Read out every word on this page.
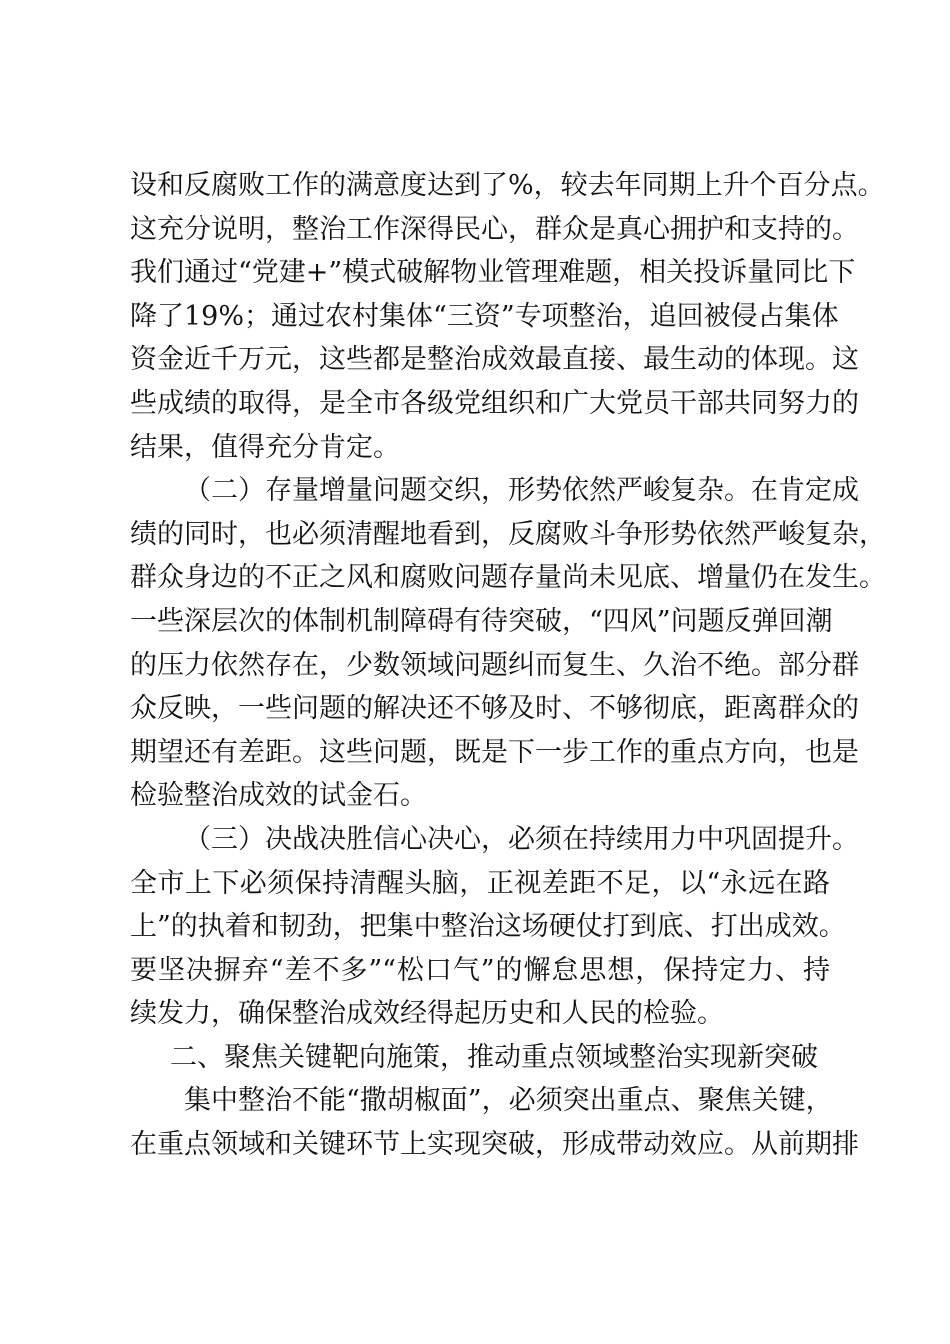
设和反腐败工作的满意度达到了%，较去年同期上升个百分点。
这充分说明，整治工作深得民心，群众是真心拥护和支持的。
我们通过“党建+”模式破解物业管理难题，相关投诉量同比下
降了19%；通过农村集体“三资”专项整治，追回被侵占集体
资金近千万元，这些都是整治成效最直接、最生动的体现。这
些成绩的取得，是全市各级党组织和广大党员干部共同努力的
结果，值得充分肯定。
（二）存量增量问题交织，形势依然严峻复杂。在肯定成
绩的同时，也必须清醒地看到，反腐败斗争形势依然严峻复杂，
群众身边的不正之风和腐败问题存量尚未见底、增量仍在发生。
一些深层次的体制机制障碍有待突破，“四风”问题反弹回潮
的压力依然存在，少数领域问题纠而复生、久治不绝。部分群
众反映，一些问题的解决还不够及时、不够彻底，距离群众的
期望还有差距。这些问题，既是下一步工作的重点方向，也是
检验整治成效的试金石。
（三）决战决胜信心决心，必须在持续用力中巩固提升。
全市上下必须保持清醒头脑，正视差距不足，以“永远在路
上”的执着和韧劲，把集中整治这场硬仗打到底、打出成效。
要坚决摒弃“差不多”“松口气”的懈怠思想，保持定力、持
续发力，确保整治成效经得起历史和人民的检验。
二、聚焦关键靶向施策，推动重点领域整治实现新突破
集中整治不能“撒胡椒面”，必须突出重点、聚焦关键，
在重点领域和关键环节上实现突破，形成带动效应。从前期排
